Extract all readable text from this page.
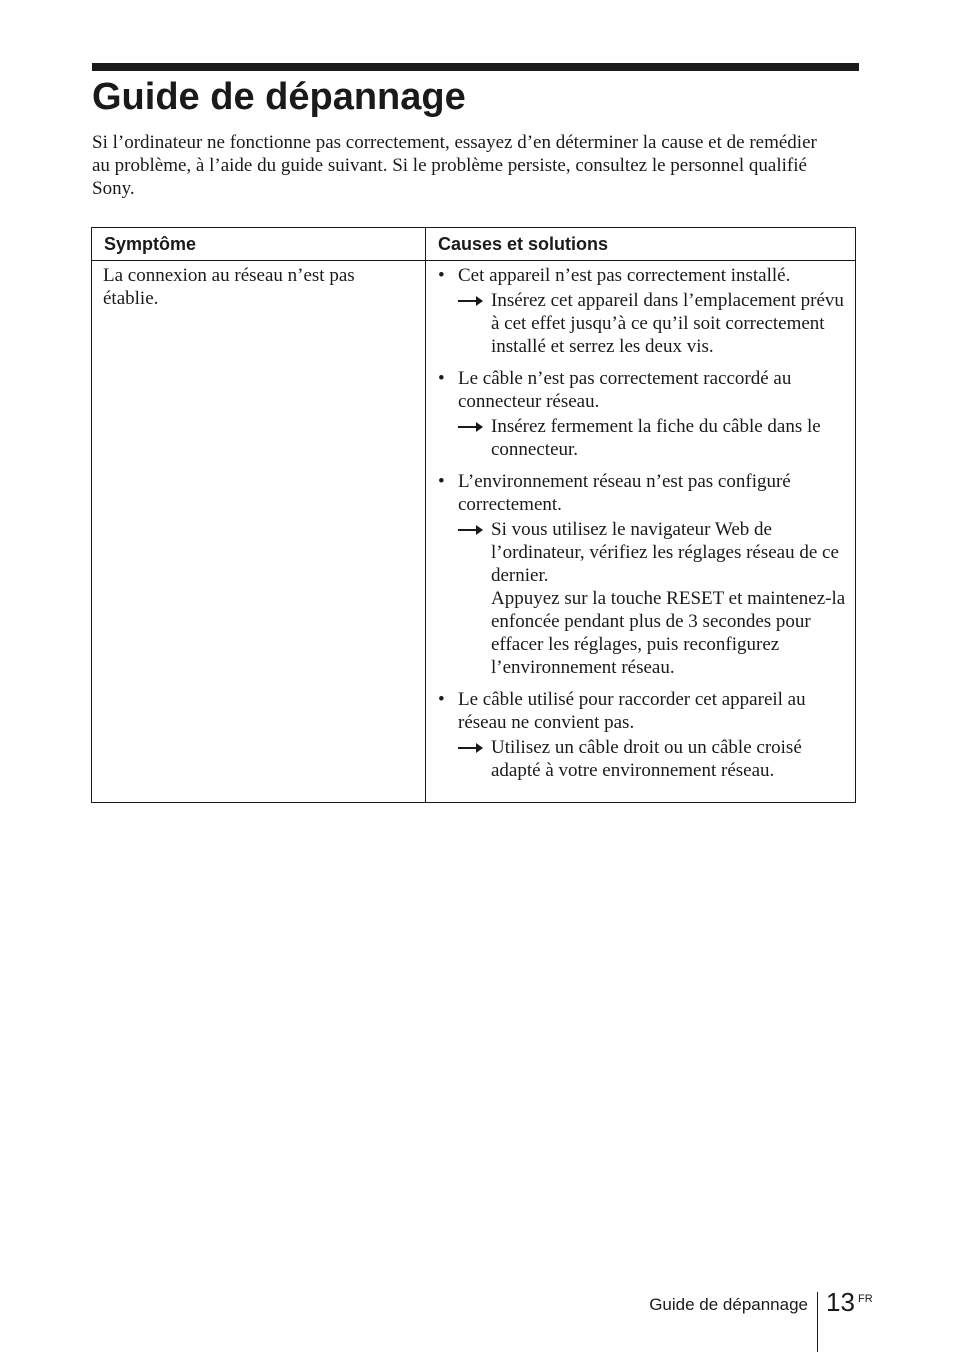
Guide de dépannage

Si l’ordinateur ne fonctionne pas correctement, essayez d’en déterminer la cause et de remédier au problème, à l’aide du guide suivant. Si le problème persiste, consultez le personnel qualifié Sony.

Symptôme	Causes et solutions
La connexion au réseau n’est pas établie.
• Cet appareil n’est pas correctement installé.
Insérez cet appareil dans l’emplacement prévu à cet effet jusqu’à ce qu’il soit correctement installé et serrez les deux vis.
• Le câble n’est pas correctement raccordé au connecteur réseau.
Insérez fermement la fiche du câble dans le connecteur.
• L’environnement réseau n’est pas configuré correctement.
Si vous utilisez le navigateur Web de l’ordinateur, vérifiez les réglages réseau de ce dernier.
Appuyez sur la touche RESET et maintenez-la enfoncée pendant plus de 3 secondes pour effacer les réglages, puis reconfigurez l’environnement réseau.
• Le câble utilisé pour raccorder cet appareil au réseau ne convient pas.
Utilisez un câble droit ou un câble croisé adapté à votre environnement réseau.
Guide de dépannage 13 FR
